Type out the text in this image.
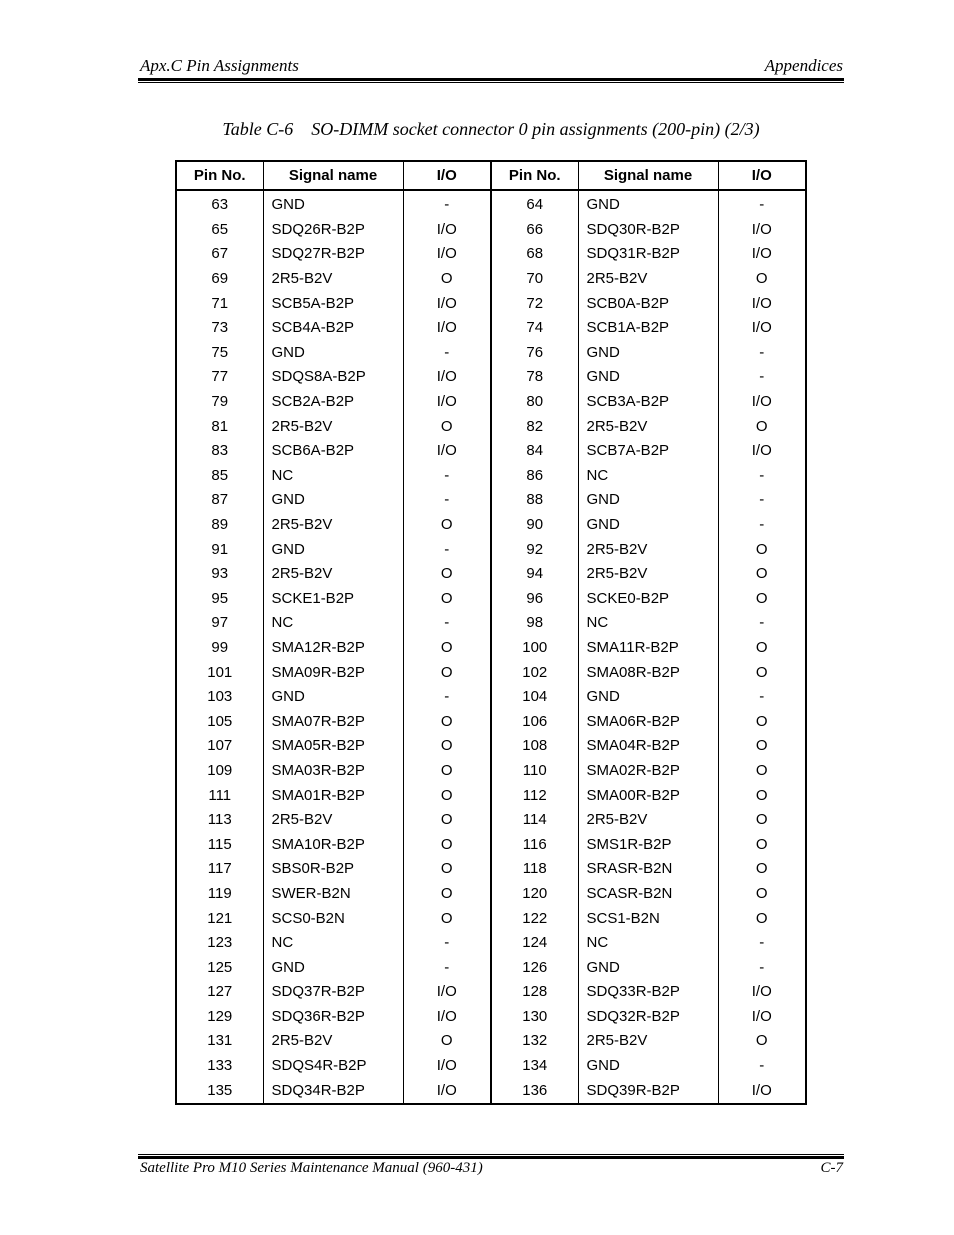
Apx.C Pin Assignments	Appendices
Table C-6    SO-DIMM socket connector 0 pin assignments (200-pin) (2/3)
Pin No.	Signal name	I/O	Pin No.	Signal name	I/O
63	GND	-	64	GND	-
65	SDQ26R-B2P	I/O	66	SDQ30R-B2P	I/O
67	SDQ27R-B2P	I/O	68	SDQ31R-B2P	I/O
69	2R5-B2V	O	70	2R5-B2V	O
71	SCB5A-B2P	I/O	72	SCB0A-B2P	I/O
73	SCB4A-B2P	I/O	74	SCB1A-B2P	I/O
75	GND	-	76	GND	-
77	SDQS8A-B2P	I/O	78	GND	-
79	SCB2A-B2P	I/O	80	SCB3A-B2P	I/O
81	2R5-B2V	O	82	2R5-B2V	O
83	SCB6A-B2P	I/O	84	SCB7A-B2P	I/O
85	NC	-	86	NC	-
87	GND	-	88	GND	-
89	2R5-B2V	O	90	GND	-
91	GND	-	92	2R5-B2V	O
93	2R5-B2V	O	94	2R5-B2V	O
95	SCKE1-B2P	O	96	SCKE0-B2P	O
97	NC	-	98	NC	-
99	SMA12R-B2P	O	100	SMA11R-B2P	O
101	SMA09R-B2P	O	102	SMA08R-B2P	O
103	GND	-	104	GND	-
105	SMA07R-B2P	O	106	SMA06R-B2P	O
107	SMA05R-B2P	O	108	SMA04R-B2P	O
109	SMA03R-B2P	O	110	SMA02R-B2P	O
111	SMA01R-B2P	O	112	SMA00R-B2P	O
113	2R5-B2V	O	114	2R5-B2V	O
115	SMA10R-B2P	O	116	SMS1R-B2P	O
117	SBS0R-B2P	O	118	SRASR-B2N	O
119	SWER-B2N	O	120	SCASR-B2N	O
121	SCS0-B2N	O	122	SCS1-B2N	O
123	NC	-	124	NC	-
125	GND	-	126	GND	-
127	SDQ37R-B2P	I/O	128	SDQ33R-B2P	I/O
129	SDQ36R-B2P	I/O	130	SDQ32R-B2P	I/O
131	2R5-B2V	O	132	2R5-B2V	O
133	SDQS4R-B2P	I/O	134	GND	-
135	SDQ34R-B2P	I/O	136	SDQ39R-B2P	I/O
Satellite Pro M10 Series Maintenance Manual (960-431)	C-7
